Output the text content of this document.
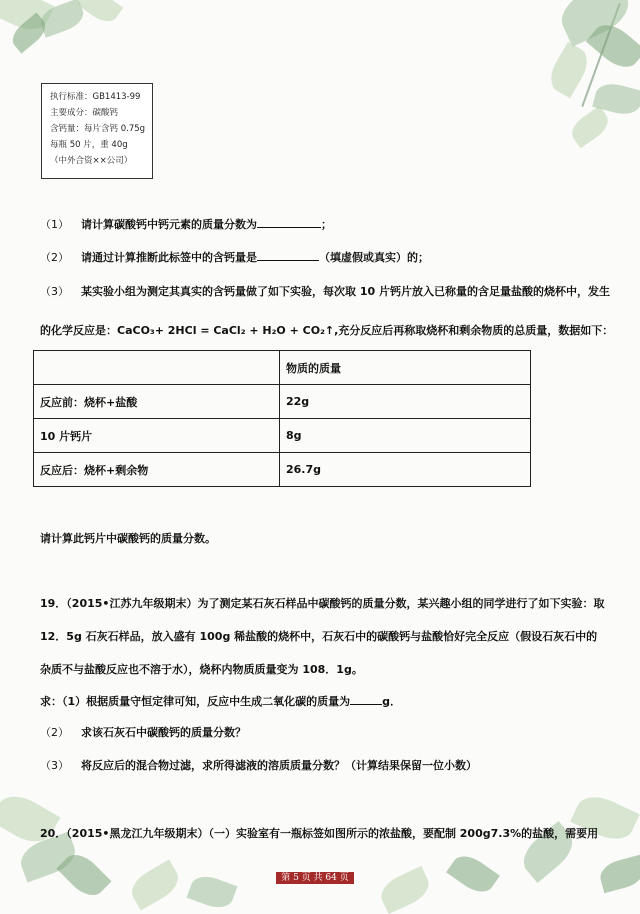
执行标准：GB1413-99
主要成分：碳酸钙
含钙量：每片含钙 0.75g
每瓶 50 片，重 40g
（中外合资××公司）
（1） 请计算碳酸钙中钙元素的质量分数为	；
（2） 请通过计算推断此标签中的含钙量是	（填虚假或真实）的；
（3） 某实验小组为测定其真实的含钙量做了如下实验，每次取 10 片钙片放入已称量的含足量盐酸的烧杯中，发生
的化学反应是：CaCO₃+ 2HCl = CaCl₂ + H₂O + CO₂↑,充分反应后再称取烧杯和剩余物质的总质量，数据如下：
	物质的质量
反应前：烧杯+盐酸	22g
10 片钙片	8g
反应后：烧杯+剩余物	26.7g
请计算此钙片中碳酸钙的质量分数。
19．（2015•江苏九年级期末）为了测定某石灰石样品中碳酸钙的质量分数，某兴趣小组的同学进行了如下实验：取
12．5g 石灰石样品，放入盛有 100g 稀盐酸的烧杯中，石灰石中的碳酸钙与盐酸恰好完全反应（假设石灰石中的
杂质不与盐酸反应也不溶于水），烧杯内物质质量变为 108．1g。
求：（1）根据质量守恒定律可知，反应中生成二氧化碳的质量为	g．
（2） 求该石灰石中碳酸钙的质量分数？
（3） 将反应后的混合物过滤，求所得滤液的溶质质量分数？（计算结果保留一位小数）
20．（2015•黑龙江九年级期末）（一）实验室有一瓶标签如图所示的浓盐酸，要配制 200g7.3%的盐酸，需要用
第 5 页 共 64 页
